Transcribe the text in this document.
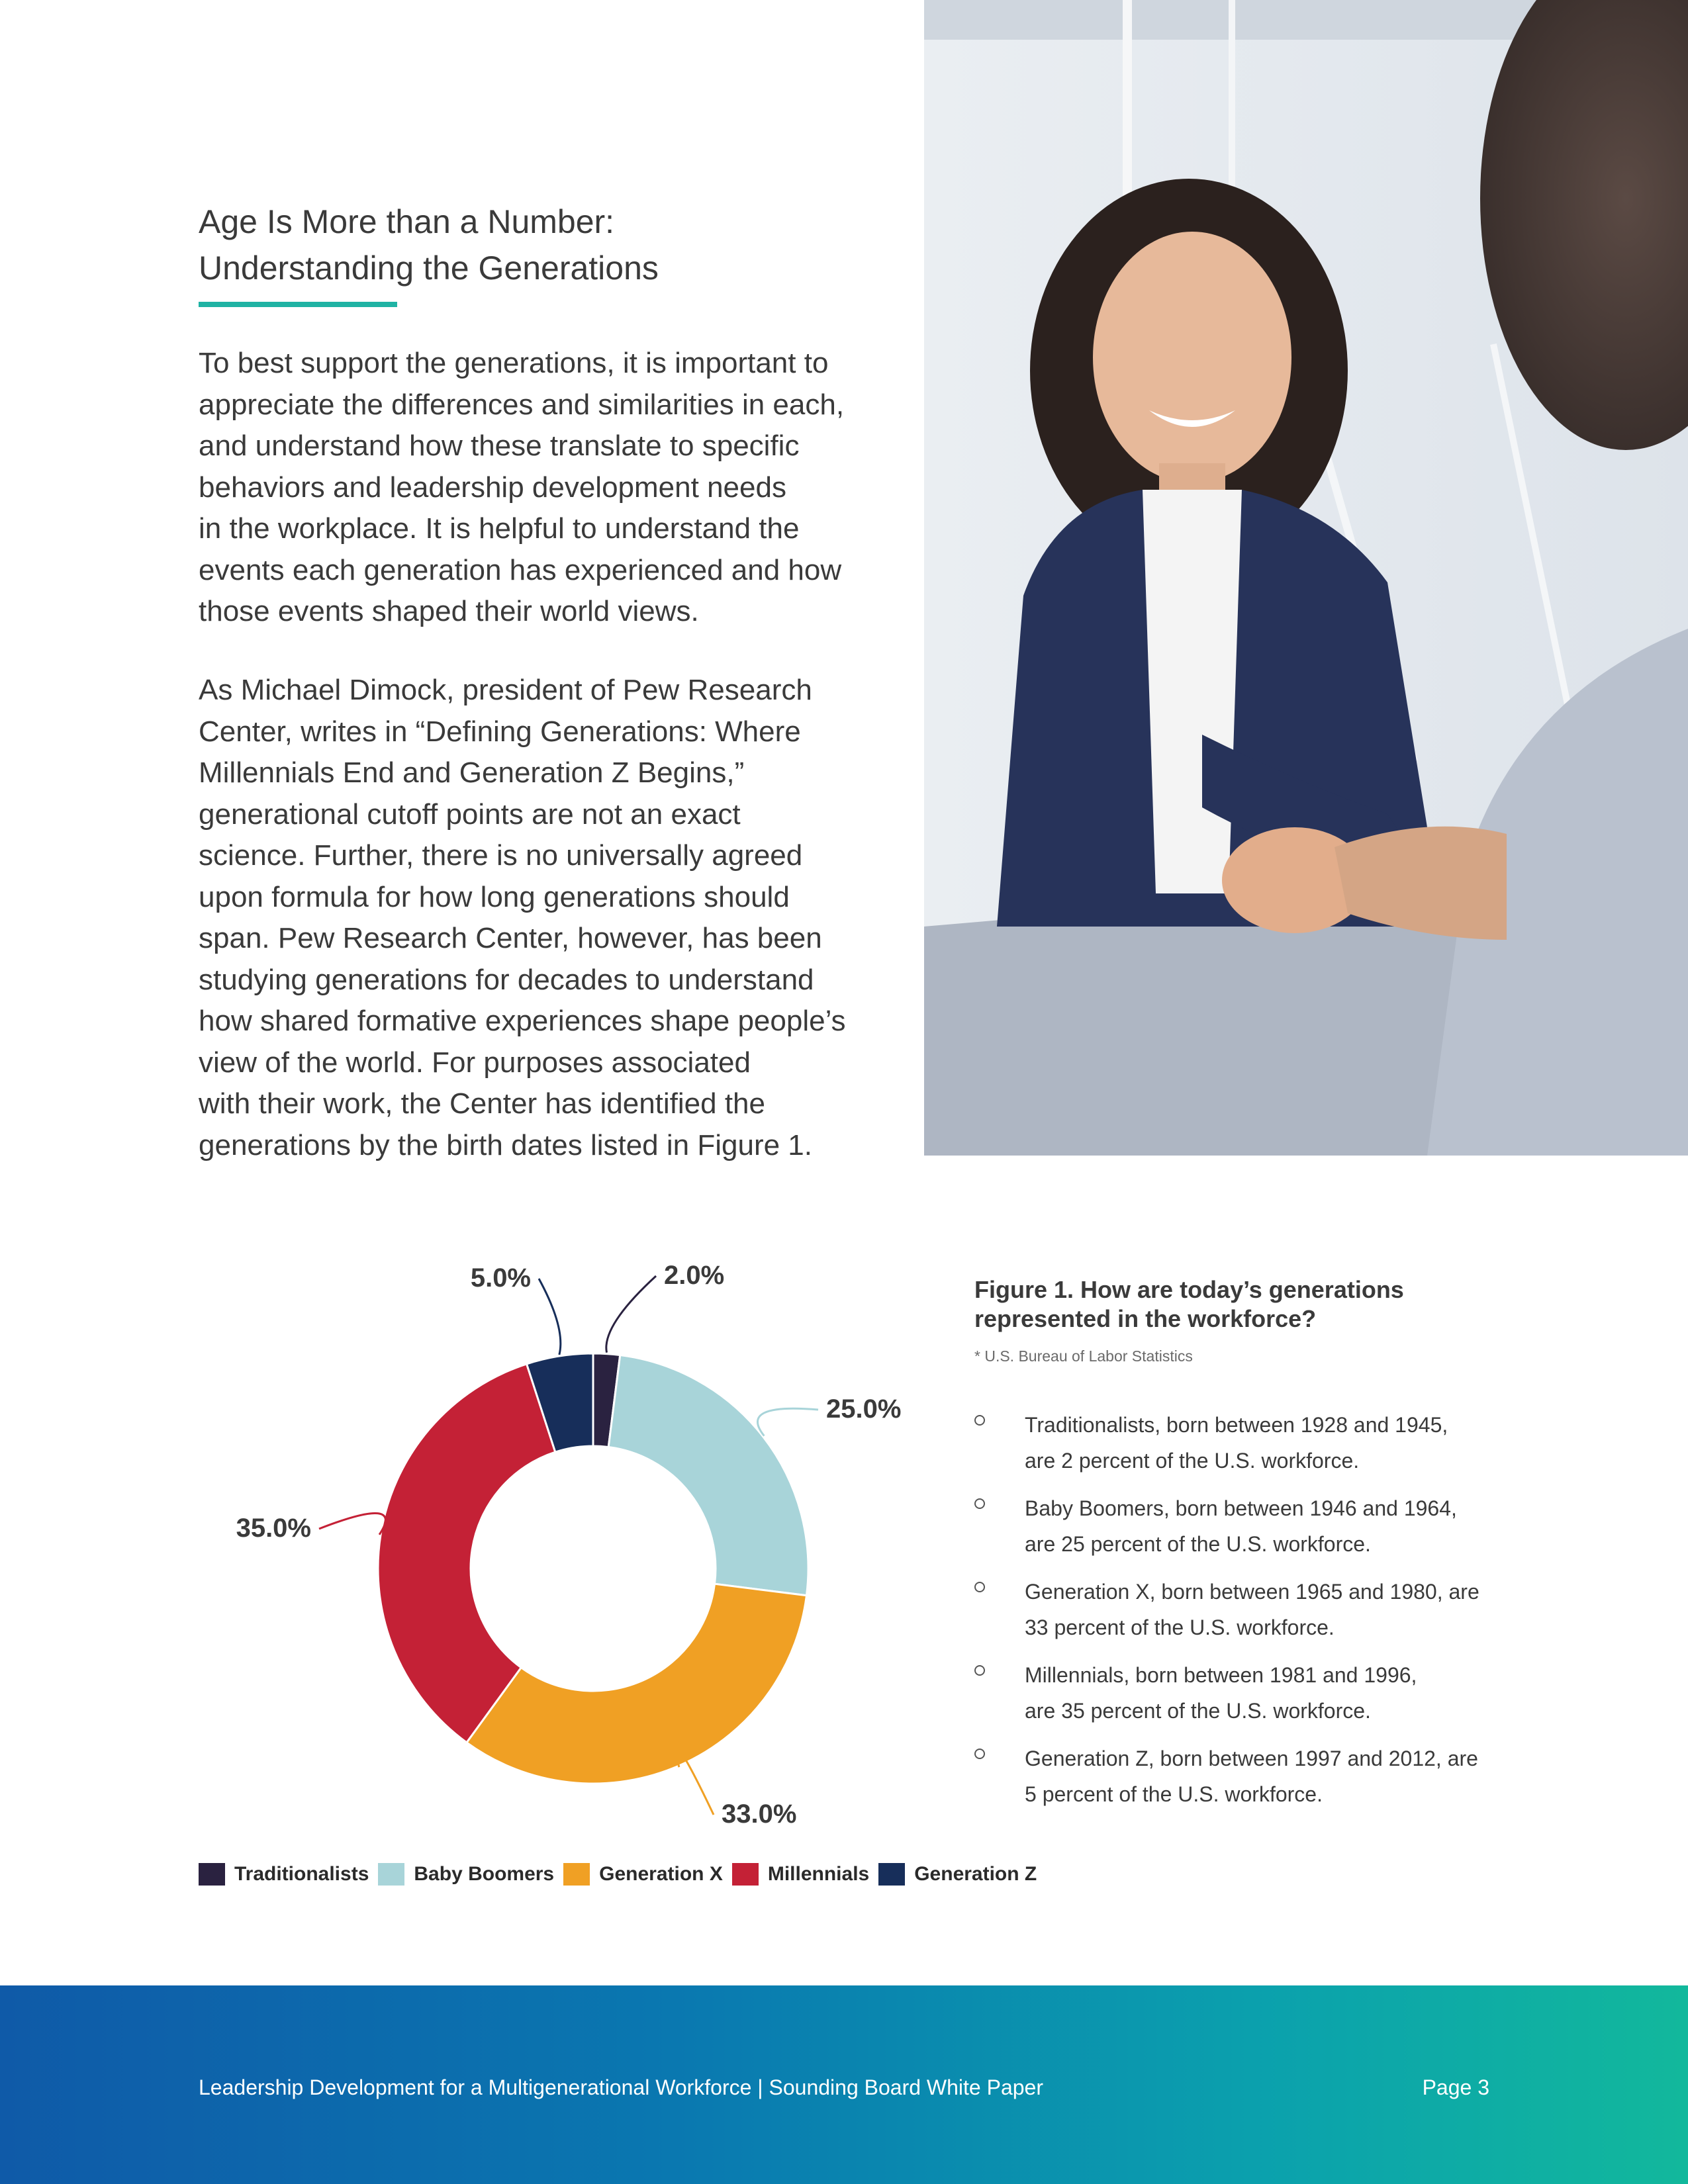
Age Is More than a Number:
Understanding the Generations

To best support the generations, it is important to
appreciate the differences and similarities in each,
and understand how these translate to specific
behaviors and leadership development needs
in the workplace. It is helpful to understand the
events each generation has experienced and how
those events shaped their world views.

As Michael Dimock, president of Pew Research
Center, writes in “Defining Generations: Where
Millennials End and Generation Z Begins,”
generational cutoff points are not an exact
science. Further, there is no universally agreed
upon formula for how long generations should
span. Pew Research Center, however, has been
studying generations for decades to understand
how shared formative experiences shape people’s
view of the world. For purposes associated
with their work, the Center has identified the
generations by the birth dates listed in Figure 1.

2.0%
25.0%
33.0%
35.0%
5.0%
Traditionalists Baby Boomers Generation X Millennials Generation Z
Figure 1. How are today’s generations
represented in the workforce?
* U.S. Bureau of Labor Statistics
Traditionalists, born between 1928 and 1945,
are 2 percent of the U.S. workforce.
Baby Boomers, born between 1946 and 1964,
are 25 percent of the U.S. workforce.
Generation X, born between 1965 and 1980, are
33 percent of the U.S. workforce.
Millennials, born between 1981 and 1996,
are 35 percent of the U.S. workforce.
Generation Z, born between 1997 and 2012, are
5 percent of the U.S. workforce.
Leadership Development for a Multigenerational Workforce | Sounding Board White Paper	Page 3
